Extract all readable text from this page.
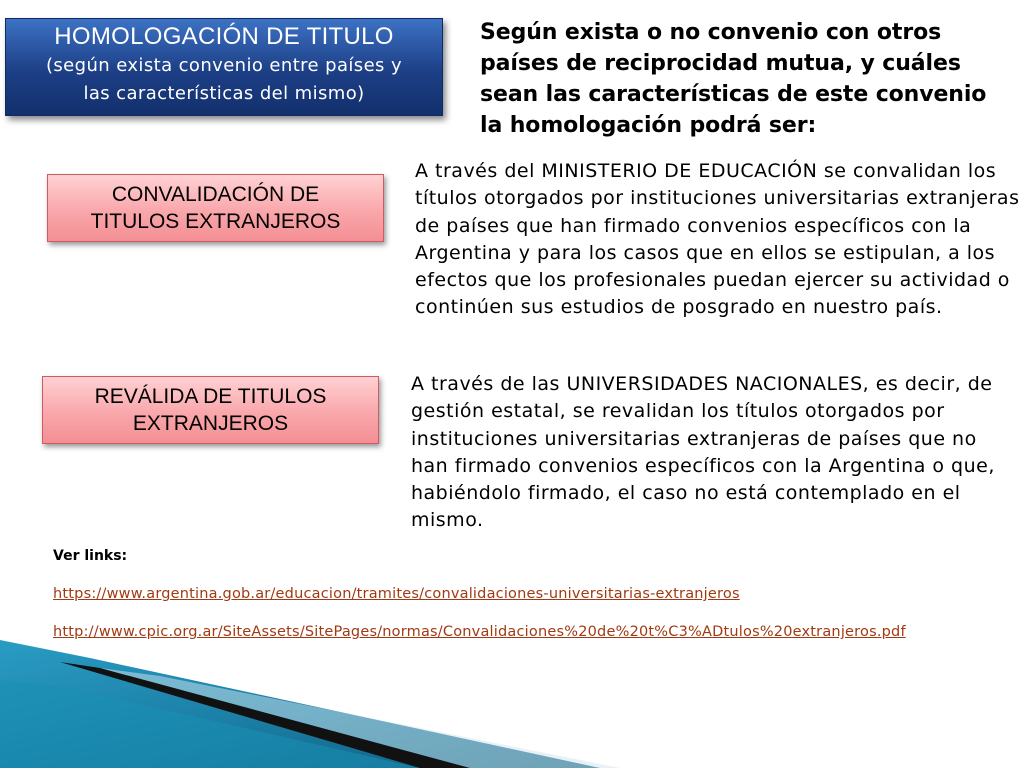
HOMOLOGACIÓN DE TITULO
(según exista convenio entre países y
las características del mismo)
Según exista o no convenio con otros
países de reciprocidad mutua, y cuáles
sean las características de este convenio
la homologación podrá ser:
CONVALIDACIÓN DE
TITULOS EXTRANJEROS
A través del MINISTERIO DE EDUCACIÓN se convalidan los títulos otorgados por instituciones universitarias extranjeras de países que han firmado convenios específicos con la Argentina y para los casos que en ellos se estipulan, a los efectos que los profesionales puedan ejercer su actividad o continúen sus estudios de posgrado en nuestro país.
REVÁLIDA DE TITULOS
EXTRANJEROS
A través de las UNIVERSIDADES NACIONALES, es decir, de gestión estatal, se revalidan los títulos otorgados por instituciones universitarias extranjeras de países que no han firmado convenios específicos con la Argentina o que, habiéndolo firmado, el caso no está contemplado en el mismo.
Ver links:
https://www.argentina.gob.ar/educacion/tramites/convalidaciones-universitarias-extranjeros
http://www.cpic.org.ar/SiteAssets/SitePages/normas/Convalidaciones%20de%20t%C3%ADtulos%20extranjeros.pdf
